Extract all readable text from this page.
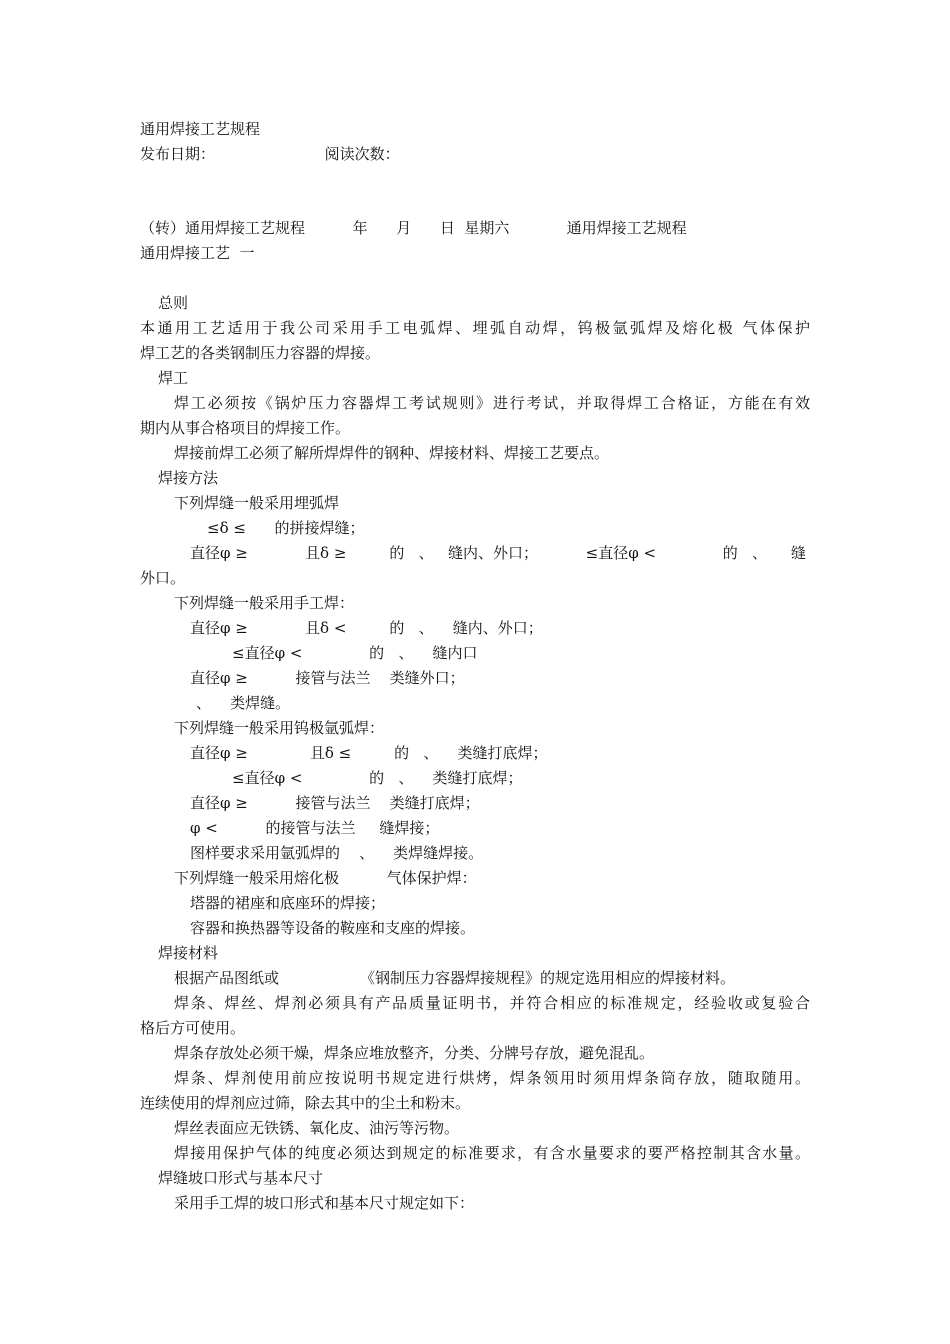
通用焊接工艺规程
发布日期：                       阅读次数：
（转）通用焊接工艺规程          年      月      日  星期六            通用焊接工艺规程
通用焊接工艺  一
总则
本通用工艺适用于我公司采用手工电弧焊、埋弧自动焊，钨极氩弧焊及熔化极 气体保护
焊工艺的各类钢制压力容器的焊接。
焊工
焊工必须按《锅炉压力容器焊工考试规则》进行考试，并取得焊工合格证，方能在有效
期内从事合格项目的焊接工作。
焊接前焊工必须了解所焊焊件的钢种、焊接材料、焊接工艺要点。
焊接方法
下列焊缝一般采用埋弧焊
≤δ ≤      的拼接焊缝；
直径φ ≥            且δ ≥         的   、   缝内、外口；          ≤直径φ <              的   、     缝
外口。
下列焊缝一般采用手工焊：
直径φ ≥            且δ <         的   、    缝内、外口；
≤直径φ <              的   、    缝内口
直径φ ≥          接管与法兰    类缝外口；
、    类焊缝。
下列焊缝一般采用钨极氩弧焊：
直径φ ≥             且δ ≤         的   、    类缝打底焊；
≤直径φ <              的   、    类缝打底焊；
直径φ ≥          接管与法兰    类缝打底焊；
φ <          的接管与法兰     缝焊接；
图样要求采用氩弧焊的    、    类焊缝焊接。
下列焊缝一般采用熔化极          气体保护焊：
塔器的裙座和底座环的焊接；
容器和换热器等设备的鞍座和支座的焊接。
焊接材料
根据产品图纸或                 《钢制压力容器焊接规程》的规定选用相应的焊接材料。
焊条、焊丝、焊剂必须具有产品质量证明书，并符合相应的标准规定，经验收或复验合
格后方可使用。
焊条存放处必须干燥，焊条应堆放整齐，分类、分牌号存放，避免混乱。
焊条、焊剂使用前应按说明书规定进行烘烤，焊条领用时须用焊条筒存放，随取随用。
连续使用的焊剂应过筛，除去其中的尘土和粉末。
焊丝表面应无铁锈、氧化皮、油污等污物。
焊接用保护气体的纯度必须达到规定的标准要求，有含水量要求的要严格控制其含水量。
焊缝坡口形式与基本尺寸
采用手工焊的坡口形式和基本尺寸规定如下：
